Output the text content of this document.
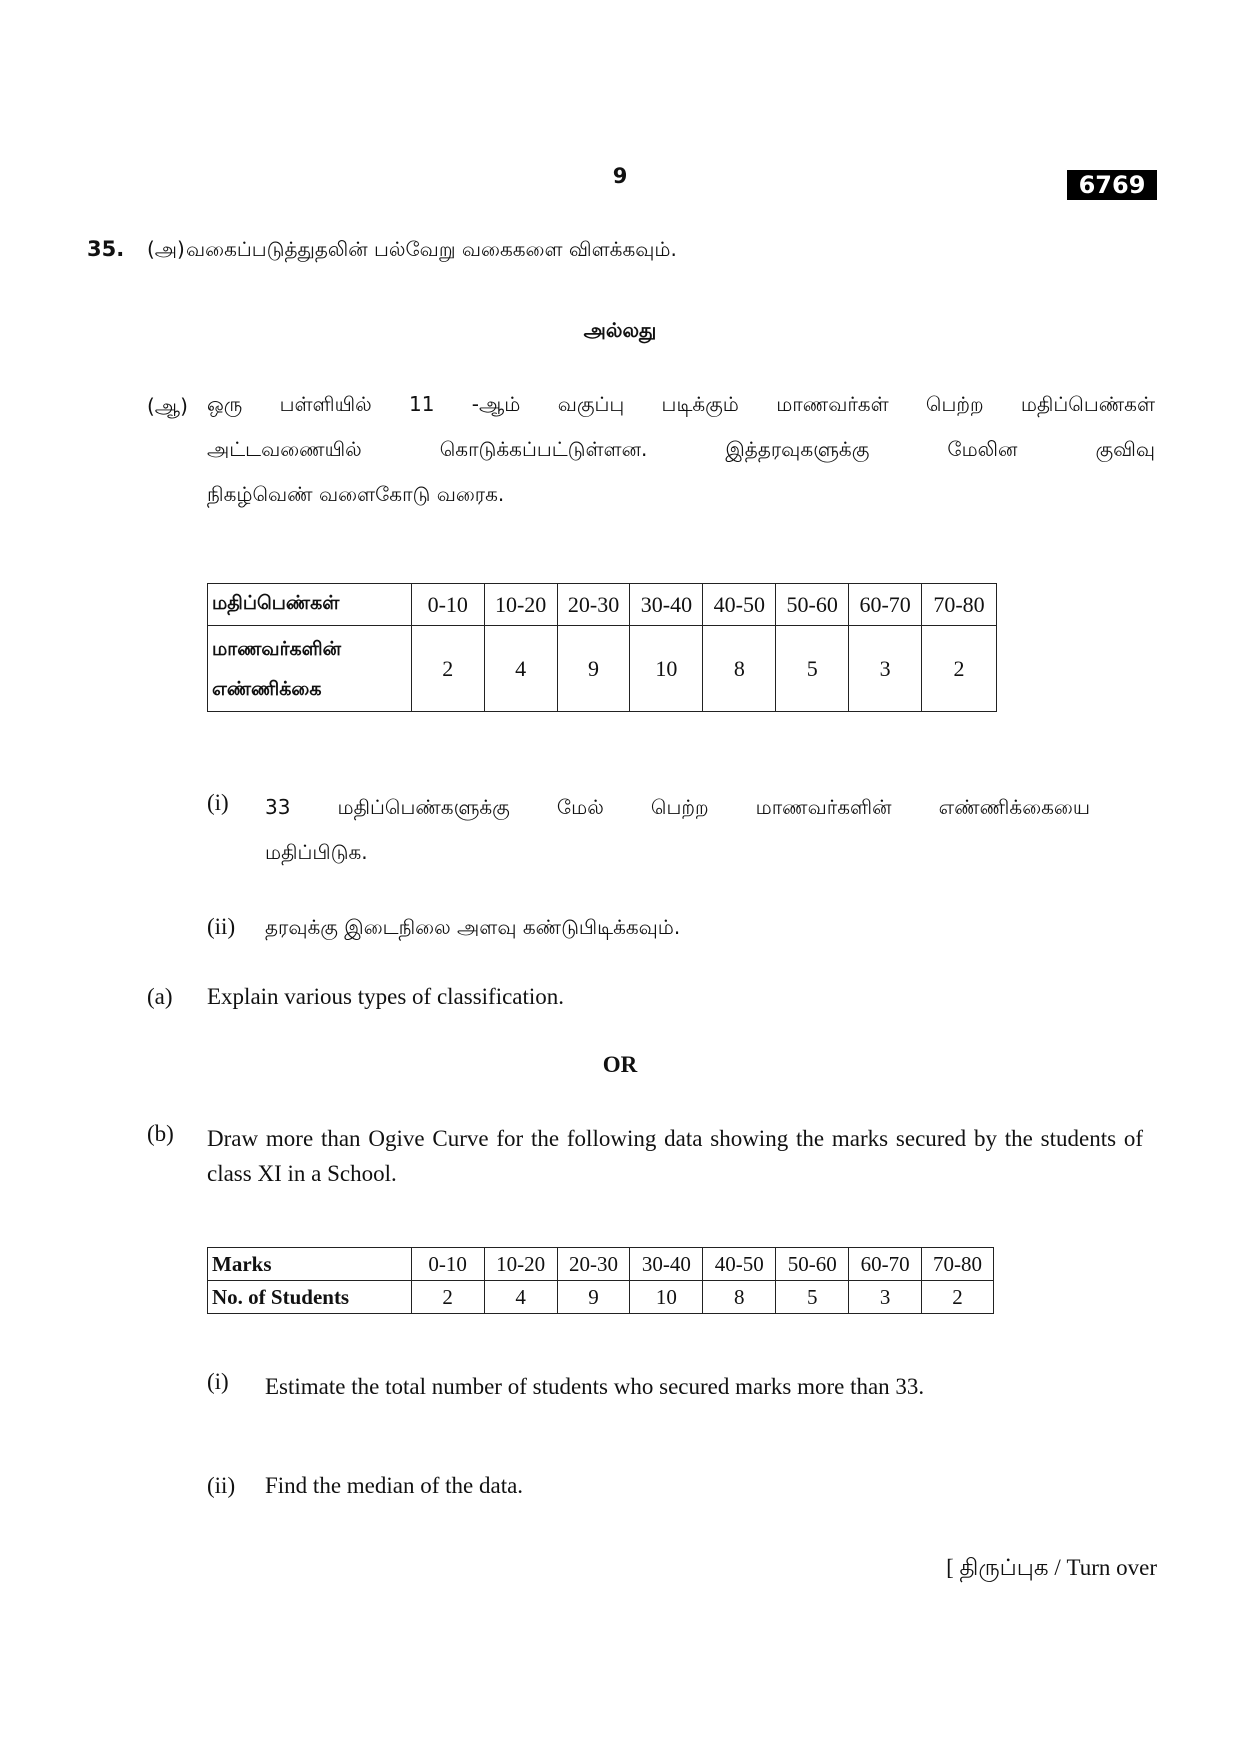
9	6769
35. (அ) வகைப்படுத்துதலின் பல்வேறு வகைகளை விளக்கவும்.
அல்லது
(ஆ) ஒரு பள்ளியில் 11 -ஆம் வகுப்பு படிக்கும் மாணவர்கள் பெற்ற மதிப்பெண்கள்
அட்டவணையில் கொடுக்கப்பட்டுள்ளன. இத்தரவுகளுக்கு மேலின குவிவு
நிகழ்வெண் வளைகோடு வரைக.
மதிப்பெண்கள்	0-10	10-20	20-30	30-40	40-50	50-60	60-70	70-80

மாணவர்களின்
எண்ணிக்கை	2	4	9	10	8	5	3	2
(i) 33 மதிப்பெண்களுக்கு மேல் பெற்ற மாணவர்களின் எண்ணிக்கையை
மதிப்பிடுக.
(ii) தரவுக்கு இடைநிலை அளவு கண்டுபிடிக்கவும்.
(a) Explain various types of classification.
OR
(b) Draw more than Ogive Curve for the following data showing the marks secured by the students of class XI in a School.
Marks	0-10	10-20	20-30	30-40	40-50	50-60	60-70	70-80
No. of Students	2	4	9	10	8	5	3	2
(i) Estimate the total number of students who secured marks more than 33.
(ii) Find the median of the data.
[ திருப்புக / Turn over
